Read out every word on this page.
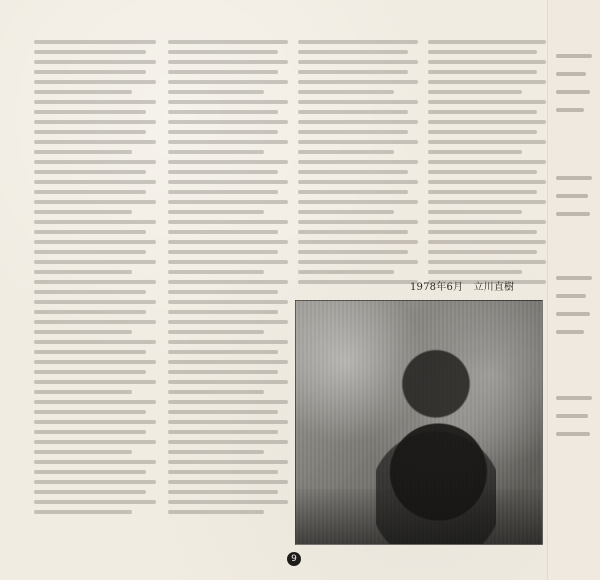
1978年6月　立川直樹
9
